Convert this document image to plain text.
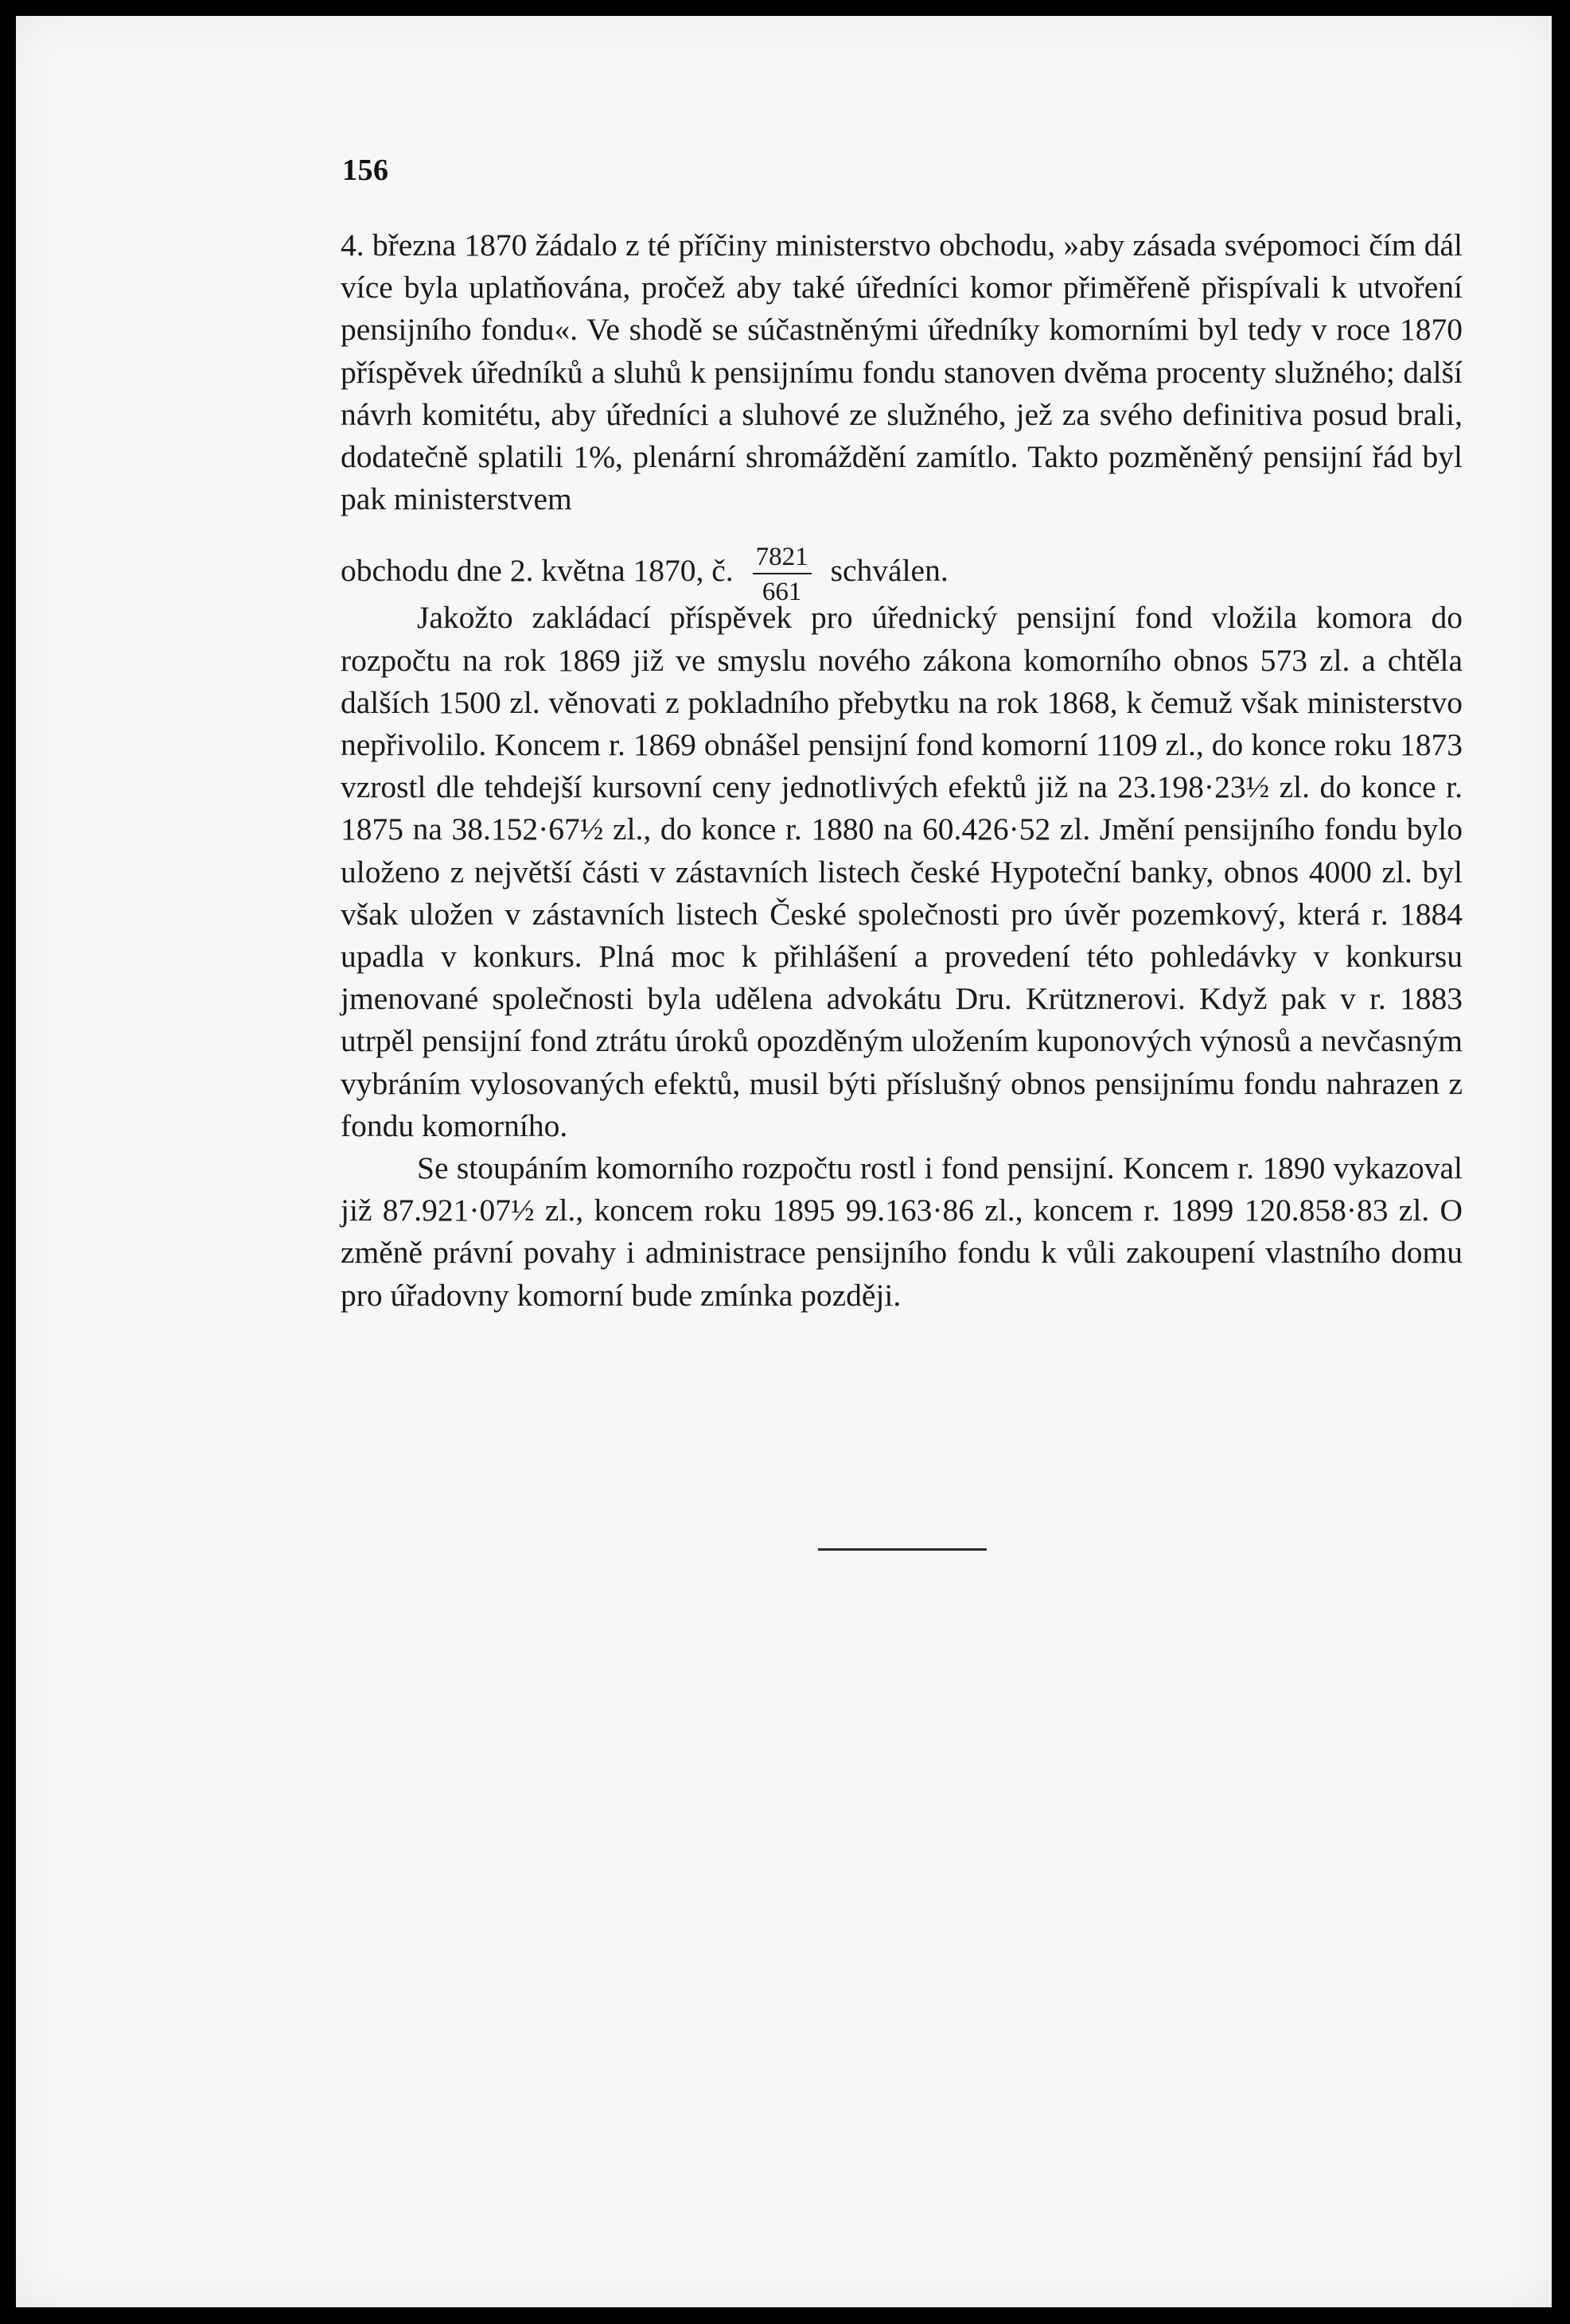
156

4. března 1870 žádalo z té příčiny ministerstvo obchodu, »aby zásada svépomoci čím dál více byla uplatňována, pročež aby také úředníci komor přiměřeně přispívali k utvoření pensijního fondu«. Ve shodě se súčastněnými úředníky komorními byl tedy v roce 1870 příspěvek úředníků a sluhů k pensijnímu fondu stanoven dvěma procenty služného; další návrh komitétu, aby úředníci a sluhové ze služného, jež za svého definitiva posud brali, dodatečně splatili 1%, plenární shromáždění zamítlo. Takto pozměněný pensijní řád byl pak ministerstvem

obchodu dne 2. května 1870, č. $\frac{7821}{661}$ schválen.

Jakožto zakládací příspěvek pro úřednický pensijní fond vložila komora do rozpočtu na rok 1869 již ve smyslu nového zákona komorního obnos 573 zl. a chtěla dalších 1500 zl. věnovati z pokladního přebytku na rok 1868, k čemuž však ministerstvo nepřivolilo. Koncem r. 1869 obnášel pensijní fond komorní 1109 zl., do konce roku 1873 vzrostl dle tehdejší kursovní ceny jednotlivých efektů již na 23.198·23½ zl. do konce r. 1875 na 38.152·67½ zl., do konce r. 1880 na 60.426·52 zl. Jmění pensijního fondu bylo uloženo z největší části v zástavních listech české Hypoteční banky, obnos 4000 zl. byl však uložen v zástavních listech České společnosti pro úvěr pozemkový, která r. 1884 upadla v konkurs. Plná moc k přihlášení a provedení této pohledávky v konkursu jmenované společnosti byla udělena advokátu Dru. Krütznerovi. Když pak v r. 1883 utrpěl pensijní fond ztrátu úroků opozděným uložením kuponových výnosů a nevčasným vybráním vylosovaných efektů, musil býti příslušný obnos pensijnímu fondu nahrazen z fondu komorního.

Se stoupáním komorního rozpočtu rostl i fond pensijní. Koncem r. 1890 vykazoval již 87.921·07½ zl., koncem roku 1895 99.163·86 zl., koncem r. 1899 120.858·83 zl. O změně právní povahy i administrace pensijního fondu k vůli zakoupení vlastního domu pro úřadovny komorní bude zmínka později.
